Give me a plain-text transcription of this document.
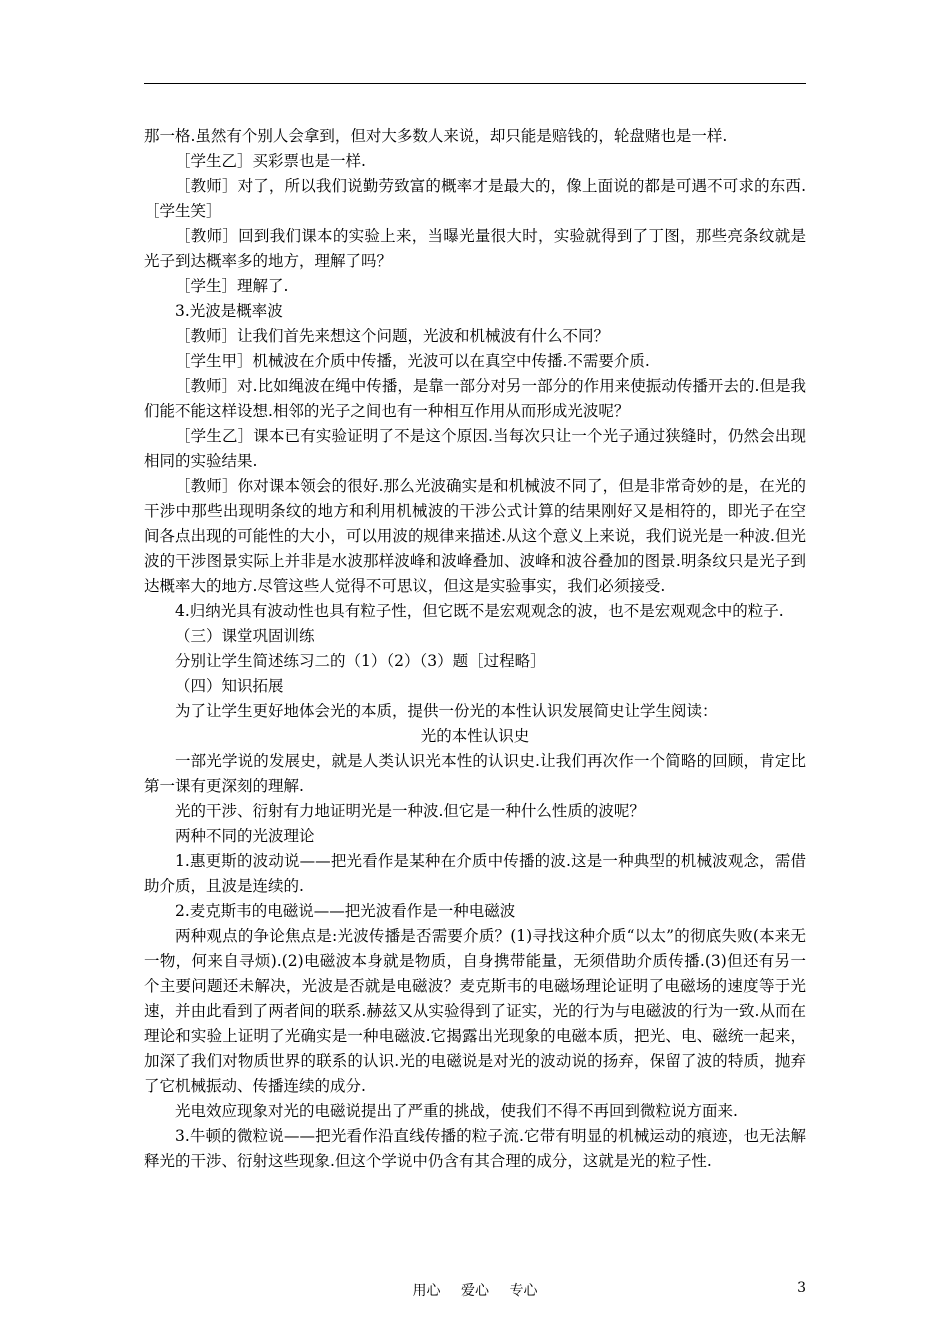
那一格.虽然有个别人会拿到，但对大多数人来说，却只能是赔钱的，轮盘赌也是一样.

［学生乙］买彩票也是一样.

［教师］对了，所以我们说勤劳致富的概率才是最大的，像上面说的都是可遇不可求的东西.［学生笑］

［教师］回到我们课本的实验上来，当曝光量很大时，实验就得到了丁图，那些亮条纹就是光子到达概率多的地方，理解了吗？

［学生］理解了.

3.光波是概率波

［教师］让我们首先来想这个问题，光波和机械波有什么不同？

［学生甲］机械波在介质中传播，光波可以在真空中传播.不需要介质.

［教师］对.比如绳波在绳中传播，是靠一部分对另一部分的作用来使振动传播开去的.但是我们能不能这样设想.相邻的光子之间也有一种相互作用从而形成光波呢？

［学生乙］课本已有实验证明了不是这个原因.当每次只让一个光子通过狭缝时，仍然会出现相同的实验结果.

［教师］你对课本领会的很好.那么光波确实是和机械波不同了，但是非常奇妙的是，在光的干涉中那些出现明条纹的地方和利用机械波的干涉公式计算的结果刚好又是相符的，即光子在空间各点出现的可能性的大小，可以用波的规律来描述.从这个意义上来说，我们说光是一种波.但光波的干涉图景实际上并非是水波那样波峰和波峰叠加、波峰和波谷叠加的图景.明条纹只是光子到达概率大的地方.尽管这些人觉得不可思议，但这是实验事实，我们必须接受.

4.归纳光具有波动性也具有粒子性，但它既不是宏观观念的波，也不是宏观观念中的粒子.

（三）课堂巩固训练

分别让学生简述练习二的（1）（2）（3）题［过程略］

（四）知识拓展

为了让学生更好地体会光的本质，提供一份光的本性认识发展简史让学生阅读：

光的本性认识史

一部光学说的发展史，就是人类认识光本性的认识史.让我们再次作一个简略的回顾，肯定比第一课有更深刻的理解.

光的干涉、衍射有力地证明光是一种波.但它是一种什么性质的波呢？

两种不同的光波理论

1.惠更斯的波动说——把光看作是某种在介质中传播的波.这是一种典型的机械波观念，需借助介质，且波是连续的.

2.麦克斯韦的电磁说——把光波看作是一种电磁波

两种观点的争论焦点是:光波传播是否需要介质？(1)寻找这种介质“以太”的彻底失败(本来无一物，何来自寻烦).(2)电磁波本身就是物质，自身携带能量，无须借助介质传播.(3)但还有另一个主要问题还未解决，光波是否就是电磁波？麦克斯韦的电磁场理论证明了电磁场的速度等于光速，并由此看到了两者间的联系.赫兹又从实验得到了证实，光的行为与电磁波的行为一致.从而在理论和实验上证明了光确实是一种电磁波.它揭露出光现象的电磁本质，把光、电、磁统一起来，加深了我们对物质世界的联系的认识.光的电磁说是对光的波动说的扬弃，保留了波的特质，抛弃了它机械振动、传播连续的成分.

光电效应现象对光的电磁说提出了严重的挑战，使我们不得不再回到微粒说方面来.

3.牛顿的微粒说——把光看作沿直线传播的粒子流.它带有明显的机械运动的痕迹，也无法解释光的干涉、衍射这些现象.但这个学说中仍含有其合理的成分，这就是光的粒子性.

用心 爱心 专心	3
